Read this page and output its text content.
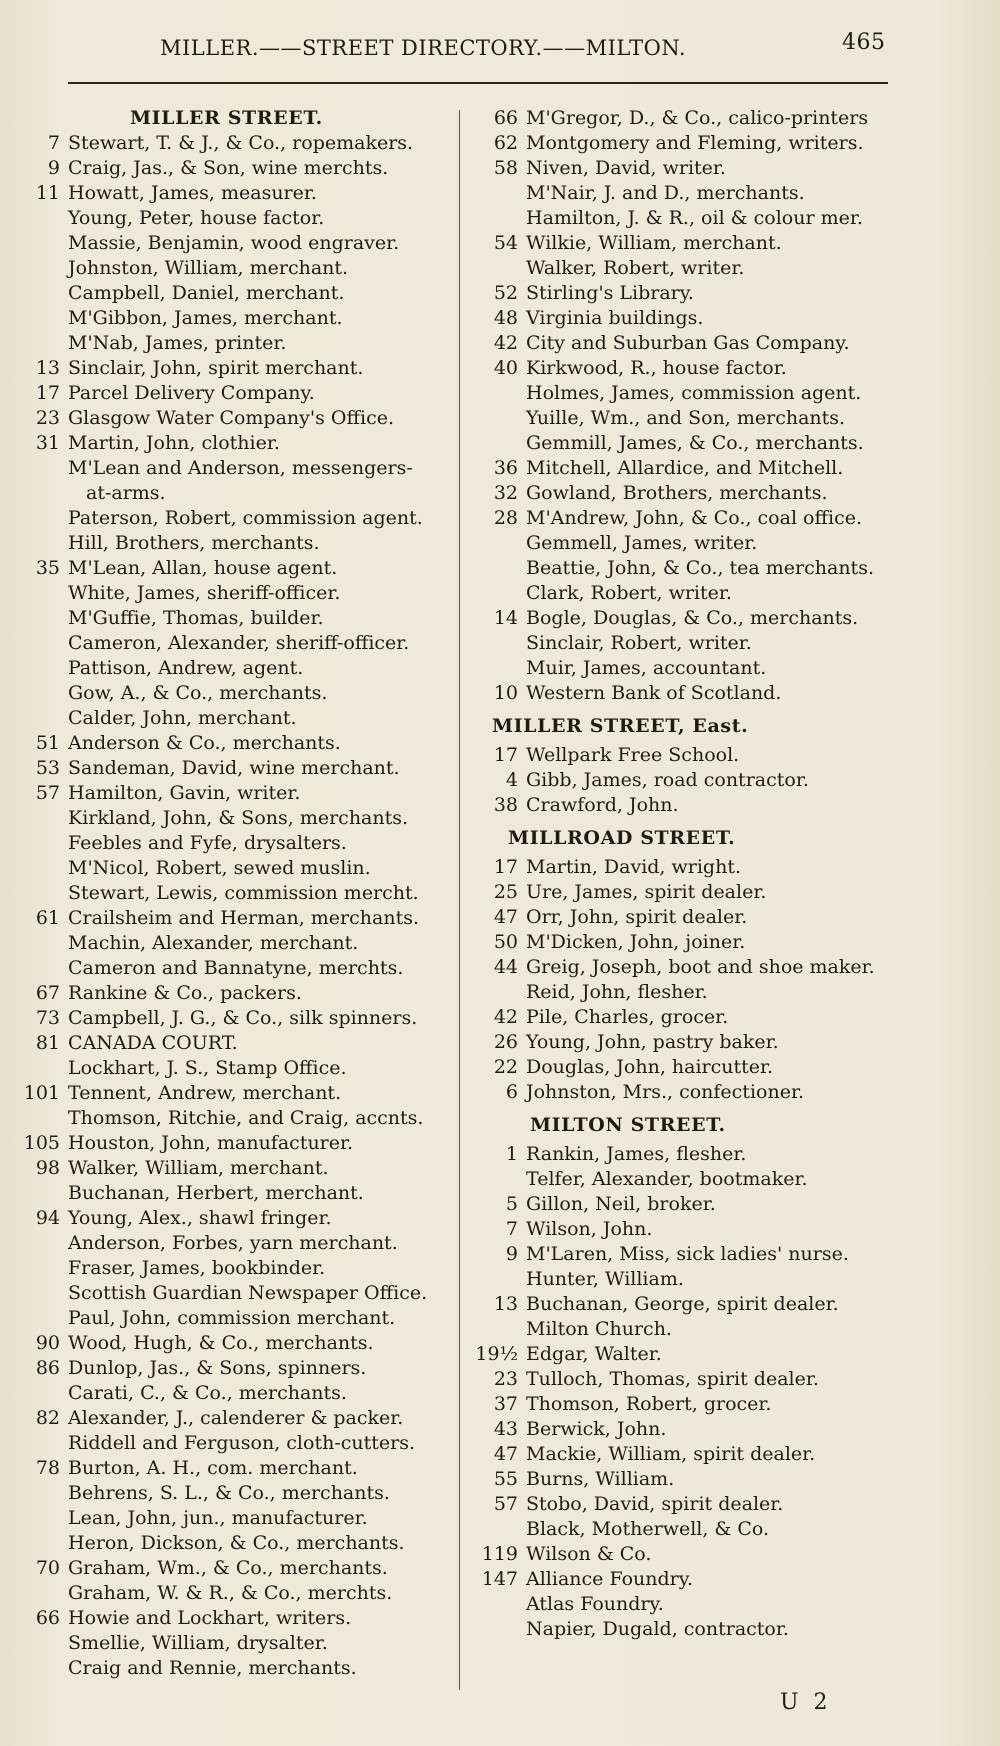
MILLER.——STREET DIRECTORY.——MILTON.	465
MILLER STREET.
7 Stewart, T. & J., & Co., ropemakers.
9 Craig, Jas., & Son, wine merchts.
11 Howatt, James, measurer.
Young, Peter, house factor.
Massie, Benjamin, wood engraver.
Johnston, William, merchant.
Campbell, Daniel, merchant.
M'Gibbon, James, merchant.
M'Nab, James, printer.
13 Sinclair, John, spirit merchant.
17 Parcel Delivery Company.
23 Glasgow Water Company's Office.
31 Martin, John, clothier.
M'Lean and Anderson, messengers-
at-arms.
Paterson, Robert, commission agent.
Hill, Brothers, merchants.
35 M'Lean, Allan, house agent.
White, James, sheriff-officer.
M'Guffie, Thomas, builder.
Cameron, Alexander, sheriff-officer.
Pattison, Andrew, agent.
Gow, A., & Co., merchants.
Calder, John, merchant.
51 Anderson & Co., merchants.
53 Sandeman, David, wine merchant.
57 Hamilton, Gavin, writer.
Kirkland, John, & Sons, merchants.
Feebles and Fyfe, drysalters.
M'Nicol, Robert, sewed muslin.
Stewart, Lewis, commission mercht.
61 Crailsheim and Herman, merchants.
Machin, Alexander, merchant.
Cameron and Bannatyne, merchts.
67 Rankine & Co., packers.
73 Campbell, J. G., & Co., silk spinners.
81 CANADA COURT.
Lockhart, J. S., Stamp Office.
101 Tennent, Andrew, merchant.
Thomson, Ritchie, and Craig, accnts.
105 Houston, John, manufacturer.
98 Walker, William, merchant.
Buchanan, Herbert, merchant.
94 Young, Alex., shawl fringer.
Anderson, Forbes, yarn merchant.
Fraser, James, bookbinder.
Scottish Guardian Newspaper Office.
Paul, John, commission merchant.
90 Wood, Hugh, & Co., merchants.
86 Dunlop, Jas., & Sons, spinners.
Carati, C., & Co., merchants.
82 Alexander, J., calenderer & packer.
Riddell and Ferguson, cloth-cutters.
78 Burton, A. H., com. merchant.
Behrens, S. L., & Co., merchants.
Lean, John, jun., manufacturer.
Heron, Dickson, & Co., merchants.
70 Graham, Wm., & Co., merchants.
Graham, W. & R., & Co., merchts.
66 Howie and Lockhart, writers.
Smellie, William, drysalter.
Craig and Rennie, merchants.
66 M'Gregor, D., & Co., calico-printers
62 Montgomery and Fleming, writers.
58 Niven, David, writer.
M'Nair, J. and D., merchants.
Hamilton, J. & R., oil & colour mer.
54 Wilkie, William, merchant.
Walker, Robert, writer.
52 Stirling's Library.
48 Virginia buildings.
42 City and Suburban Gas Company.
40 Kirkwood, R., house factor.
Holmes, James, commission agent.
Yuille, Wm., and Son, merchants.
Gemmill, James, & Co., merchants.
36 Mitchell, Allardice, and Mitchell.
32 Gowland, Brothers, merchants.
28 M'Andrew, John, & Co., coal office.
Gemmell, James, writer.
Beattie, John, & Co., tea merchants.
Clark, Robert, writer.
14 Bogle, Douglas, & Co., merchants.
Sinclair, Robert, writer.
Muir, James, accountant.
10 Western Bank of Scotland.
MILLER STREET, East.
17 Wellpark Free School.
4 Gibb, James, road contractor.
38 Crawford, John.
MILLROAD STREET.
17 Martin, David, wright.
25 Ure, James, spirit dealer.
47 Orr, John, spirit dealer.
50 M'Dicken, John, joiner.
44 Greig, Joseph, boot and shoe maker.
Reid, John, flesher.
42 Pile, Charles, grocer.
26 Young, John, pastry baker.
22 Douglas, John, haircutter.
6 Johnston, Mrs., confectioner.
MILTON STREET.
1 Rankin, James, flesher.
Telfer, Alexander, bootmaker.
5 Gillon, Neil, broker.
7 Wilson, John.
9 M'Laren, Miss, sick ladies' nurse.
Hunter, William.
13 Buchanan, George, spirit dealer.
Milton Church.
19½ Edgar, Walter.
23 Tulloch, Thomas, spirit dealer.
37 Thomson, Robert, grocer.
43 Berwick, John.
47 Mackie, William, spirit dealer.
55 Burns, William.
57 Stobo, David, spirit dealer.
Black, Motherwell, & Co.
119 Wilson & Co.
147 Alliance Foundry.
Atlas Foundry.
Napier, Dugald, contractor.
U 2
